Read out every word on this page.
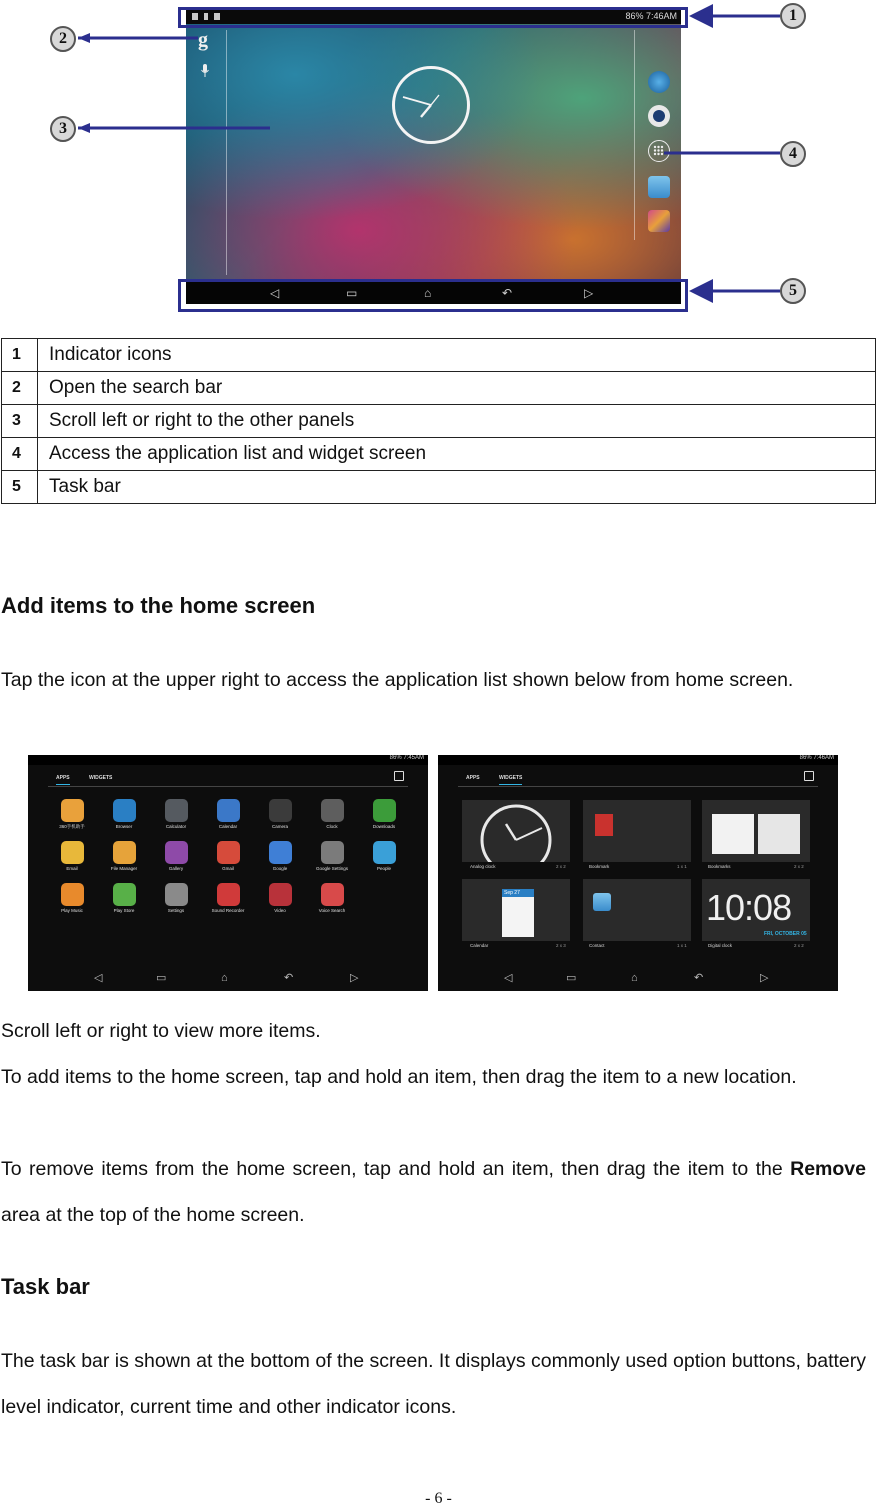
86% 7:46AM
g
◁	▭	⌂	↶	▷
1
2
3
4
5
1	Indicator icons
2	Open the search bar
3	Scroll left or right to the other panels
4	Access the application list and widget screen
5	Task bar
Add items to the home screen
Tap the icon at the upper right to access the application list shown below from home screen.
86% 7:45AM
APPS	WIDGETS
360手机助手	Browser	Calculator	Calendar	Camera	Clock	Downloads
Email	File Manager	Gallery	Gmail	Google	Google Settings	People
Play Music	Play Store	Settings	Sound Recorder	Video	Voice Search
◁	▭	⌂	↶	▷
86% 7:46AM
APPS	WIDGETS
Analog clock	2 x 2	Bookmark	1 x 1	Bookmarks	2 x 2
Sep 27
Calendar	2 x 3	Contact	1 x 1
10:08
FRI, OCTOBER 05
Digital clock	2 x 2
◁	▭	⌂	↶	▷
Scroll left or right to view more items.
To add items to the home screen, tap and hold an item, then drag the item to a new location.
To remove items from the home screen, tap and hold an item, then drag the item to the Remove area at the top of the home screen.
Task bar
The task bar is shown at the bottom of the screen. It displays commonly used option buttons, battery level indicator, current time and other indicator icons.
- 6 -
